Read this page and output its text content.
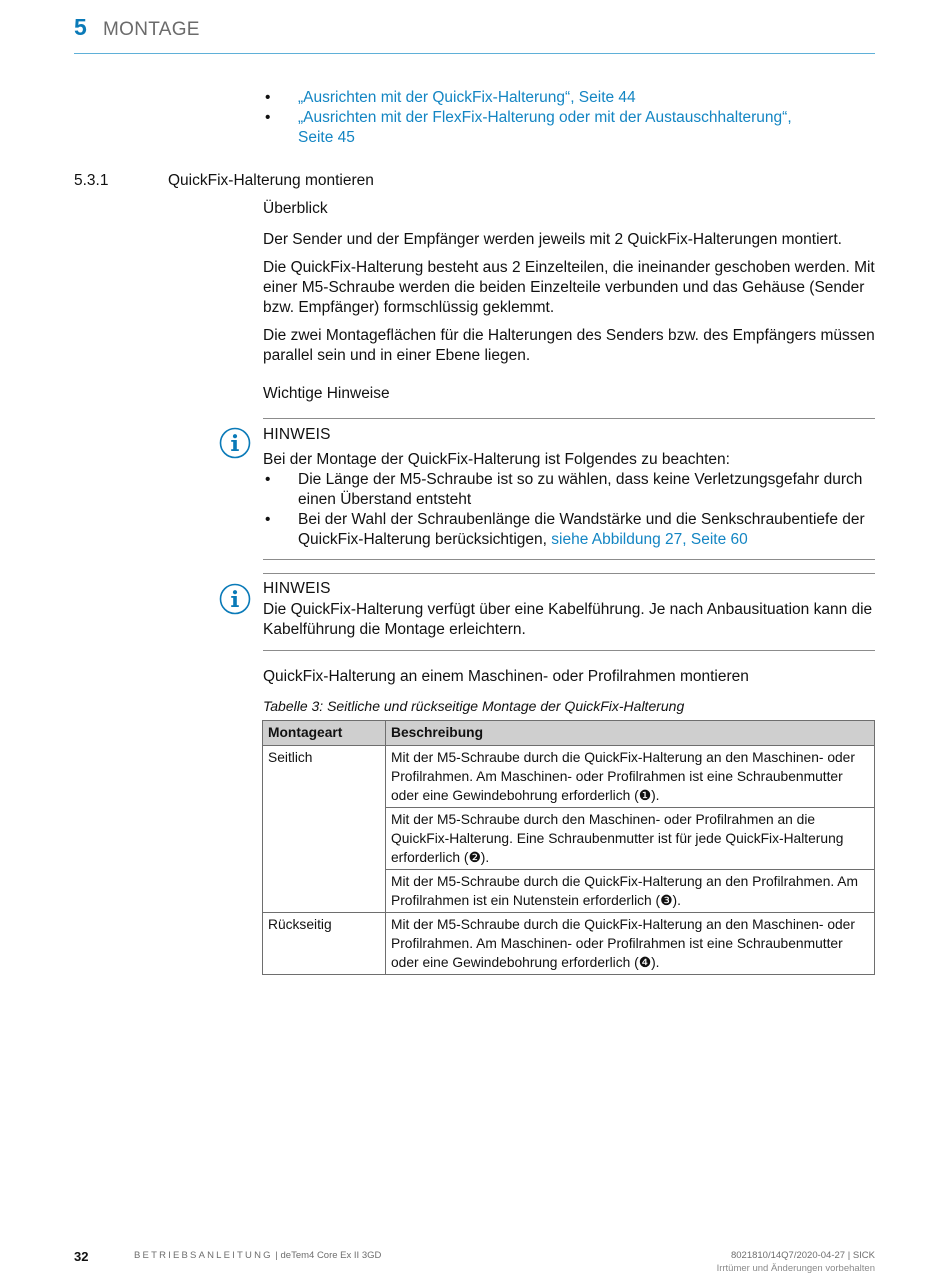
5 MONTAGE
• „Ausrichten mit der QuickFix-Halterung“, Seite 44
• „Ausrichten mit der FlexFix-Halterung oder mit der Austauschhalterung“,
Seite 45
5.3.1	QuickFix-Halterung montieren
Überblick

Der Sender und der Empfänger werden jeweils mit 2 QuickFix-Halterungen montiert.

Die QuickFix-Halterung besteht aus 2 Einzelteilen, die ineinander geschoben werden. Mit einer M5-Schraube werden die beiden Einzelteile verbunden und das Gehäuse (Sender bzw. Empfänger) formschlüssig geklemmt.

Die zwei Montageflächen für die Halterungen des Senders bzw. des Empfängers müssen parallel sein und in einer Ebene liegen.

Wichtige Hinweise
HINWEIS

Bei der Montage der QuickFix-Halterung ist Folgendes zu beachten:

• Die Länge der M5-Schraube ist so zu wählen, dass keine Verletzungsgefahr durch einen Überstand entsteht
• Bei der Wahl der Schraubenlänge die Wandstärke und die Senkschraubentiefe der QuickFix-Halterung berücksichtigen, siehe Abbildung 27, Seite 60
HINWEIS

Die QuickFix-Halterung verfügt über eine Kabelführung. Je nach Anbausituation kann die Kabelführung die Montage erleichtern.

QuickFix-Halterung an einem Maschinen- oder Profilrahmen montieren
Tabelle 3: Seitliche und rückseitige Montage der QuickFix-Halterung
Montageart	Beschreibung
Seitlich	Mit der M5-Schraube durch die QuickFix-Halterung an den Maschinen- oder Profilrahmen. Am Maschinen- oder Profilrahmen ist eine Schraubenmutter oder eine Gewindebohrung erforderlich (❶).
	Mit der M5-Schraube durch den Maschinen- oder Profilrahmen an die QuickFix-Halterung. Eine Schraubenmutter ist für jede QuickFix-Halterung erforderlich (❷).
	Mit der M5-Schraube durch die QuickFix-Halterung an den Profilrahmen. Am Profilrahmen ist ein Nutenstein erforderlich (❸).
Rückseitig	Mit der M5-Schraube durch die QuickFix-Halterung an den Maschinen- oder Profilrahmen. Am Maschinen- oder Profilrahmen ist eine Schraubenmutter oder eine Gewindebohrung erforderlich (❹).
32	BETRIEBSANLEITUNG | deTem4 Core Ex II 3GD	8021810/14Q7/2020-04-27 | SICK
Irrtümer und Änderungen vorbehalten
